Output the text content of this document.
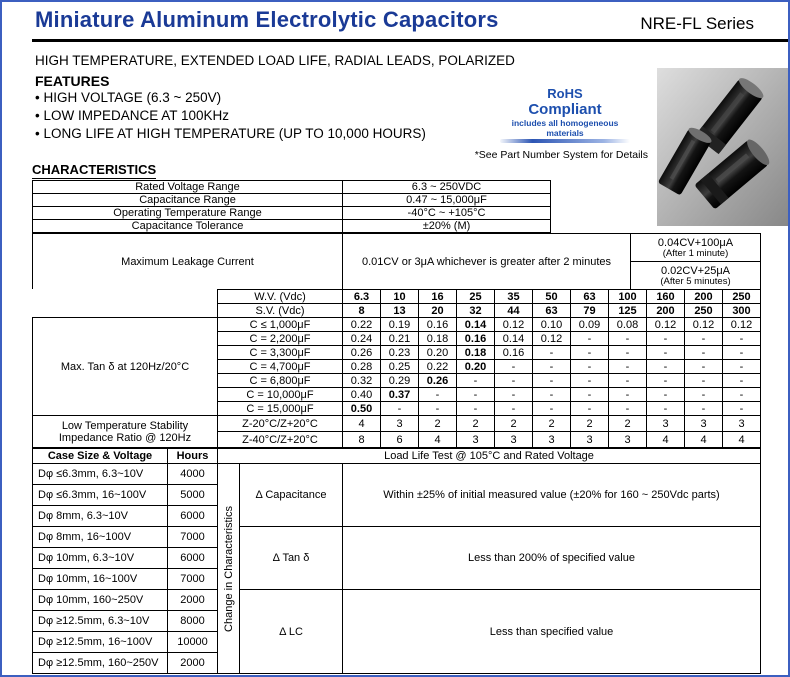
Miniature Aluminum Electrolytic Capacitors	NRE-FL Series
HIGH TEMPERATURE, EXTENDED LOAD LIFE, RADIAL LEADS, POLARIZED
FEATURES
• HIGH VOLTAGE (6.3 ~ 250V)
• LOW IMPEDANCE AT 100KHz
• LONG LIFE AT HIGH TEMPERATURE (UP TO 10,000 HOURS)
RoHS
Compliant
includes all homogeneous materials
*See Part Number System for Details
CHARACTERISTICS
Rated Voltage Range	6.3 ~ 250VDC
Capacitance Range	0.47 ~ 15,000μF
Operating Temperature Range	-40°C ~ +105°C
Capacitance Tolerance	±20% (M)
Maximum Leakage Current	0.01CV or 3μA whichever is greater after 2 minutes	
0.04CV+100μA
(After 1 minute)

0.02CV+25μA
(After 5 minutes)
	W.V. (Vdc)	6.3	10	16	25	35	50	63	100	160	200	250
	S.V. (Vdc)	8	13	20	32	44	63	79	125	200	250	300
Max. Tan δ at 120Hz/20°C	C ≤ 1,000μF	0.22	0.19	0.16	0.14	0.12	0.10	0.09	0.08	0.12	0.12	0.12
	C = 2,200μF	0.24	0.21	0.18	0.16	0.14	0.12	-	-	-	-	-
	C = 3,300μF	0.26	0.23	0.20	0.18	0.16	-	-	-	-	-	-
	C = 4,700μF	0.28	0.25	0.22	0.20	-	-	-	-	-	-	-
	C = 6,800μF	0.32	0.29	0.26	-	-	-	-	-	-	-	-
	C = 10,000μF	0.40	0.37	-	-	-	-	-	-	-	-	-
	C = 15,000μF	0.50	-	-	-	-	-	-	-	-	-	-

Low Temperature Stability
Impedance Ratio @ 120Hz	Z-20°C/Z+20°C	4	3	2	2	2	2	2	2	3	3	3
	Z-40°C/Z+20°C	8	6	4	3	3	3	3	3	4	4	4
Case Size & Voltage	Hours	Load Life Test @ 105°C and Rated Voltage		
Dφ ≤6.3mm, 6.3~10V	4000	Change in Characteristics	Δ Capacitance	Within ±25% of initial measured value (±20% for 160 ~ 250Vdc parts)
Dφ ≤6.3mm, 16~100V	5000			
Dφ 8mm, 6.3~10V	6000			
Dφ 8mm, 16~100V	7000		Δ Tan δ	Less than 200% of specified value
Dφ 10mm, 6.3~10V	6000			
Dφ 10mm, 16~100V	7000			
Dφ 10mm, 160~250V	2000		Δ LC	Less than specified value
Dφ ≥12.5mm, 6.3~10V	8000			
Dφ ≥12.5mm, 16~100V	10000			
Dφ ≥12.5mm, 160~250V	2000			
